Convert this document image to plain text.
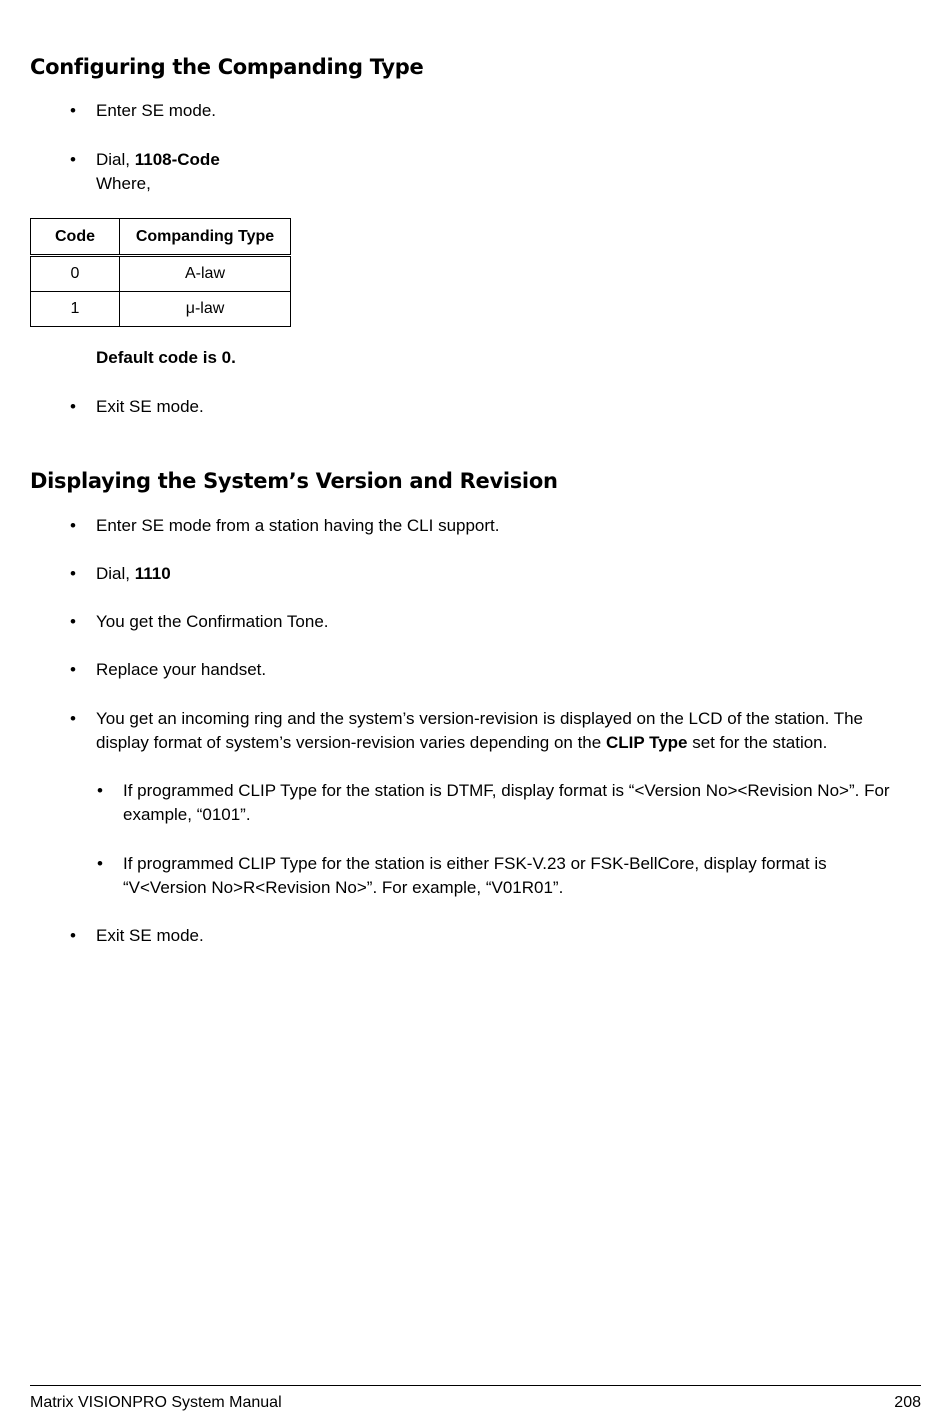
Configuring the Companding Type
• Enter SE mode.
• Dial, 1108-Code
Where,
Code	Companding Type
0	A-law
1	μ-law
Default code is 0.
• Exit SE mode.
Displaying the System’s Version and Revision
• Enter SE mode from a station having the CLI support.
• Dial, 1110
• You get the Confirmation Tone.
• Replace your handset.
• You get an incoming ring and the system’s version-revision is displayed on the LCD of the station. The
display format of system’s version-revision varies depending on the CLIP Type set for the station.
• If programmed CLIP Type for the station is DTMF, display format is “<Version No><Revision No>”. For
example, “0101”.
• If programmed CLIP Type for the station is either FSK-V.23 or FSK-BellCore, display format is
“V<Version No>R<Revision No>”. For example, “V01R01”.
• Exit SE mode.
Matrix VISIONPRO System Manual	208
